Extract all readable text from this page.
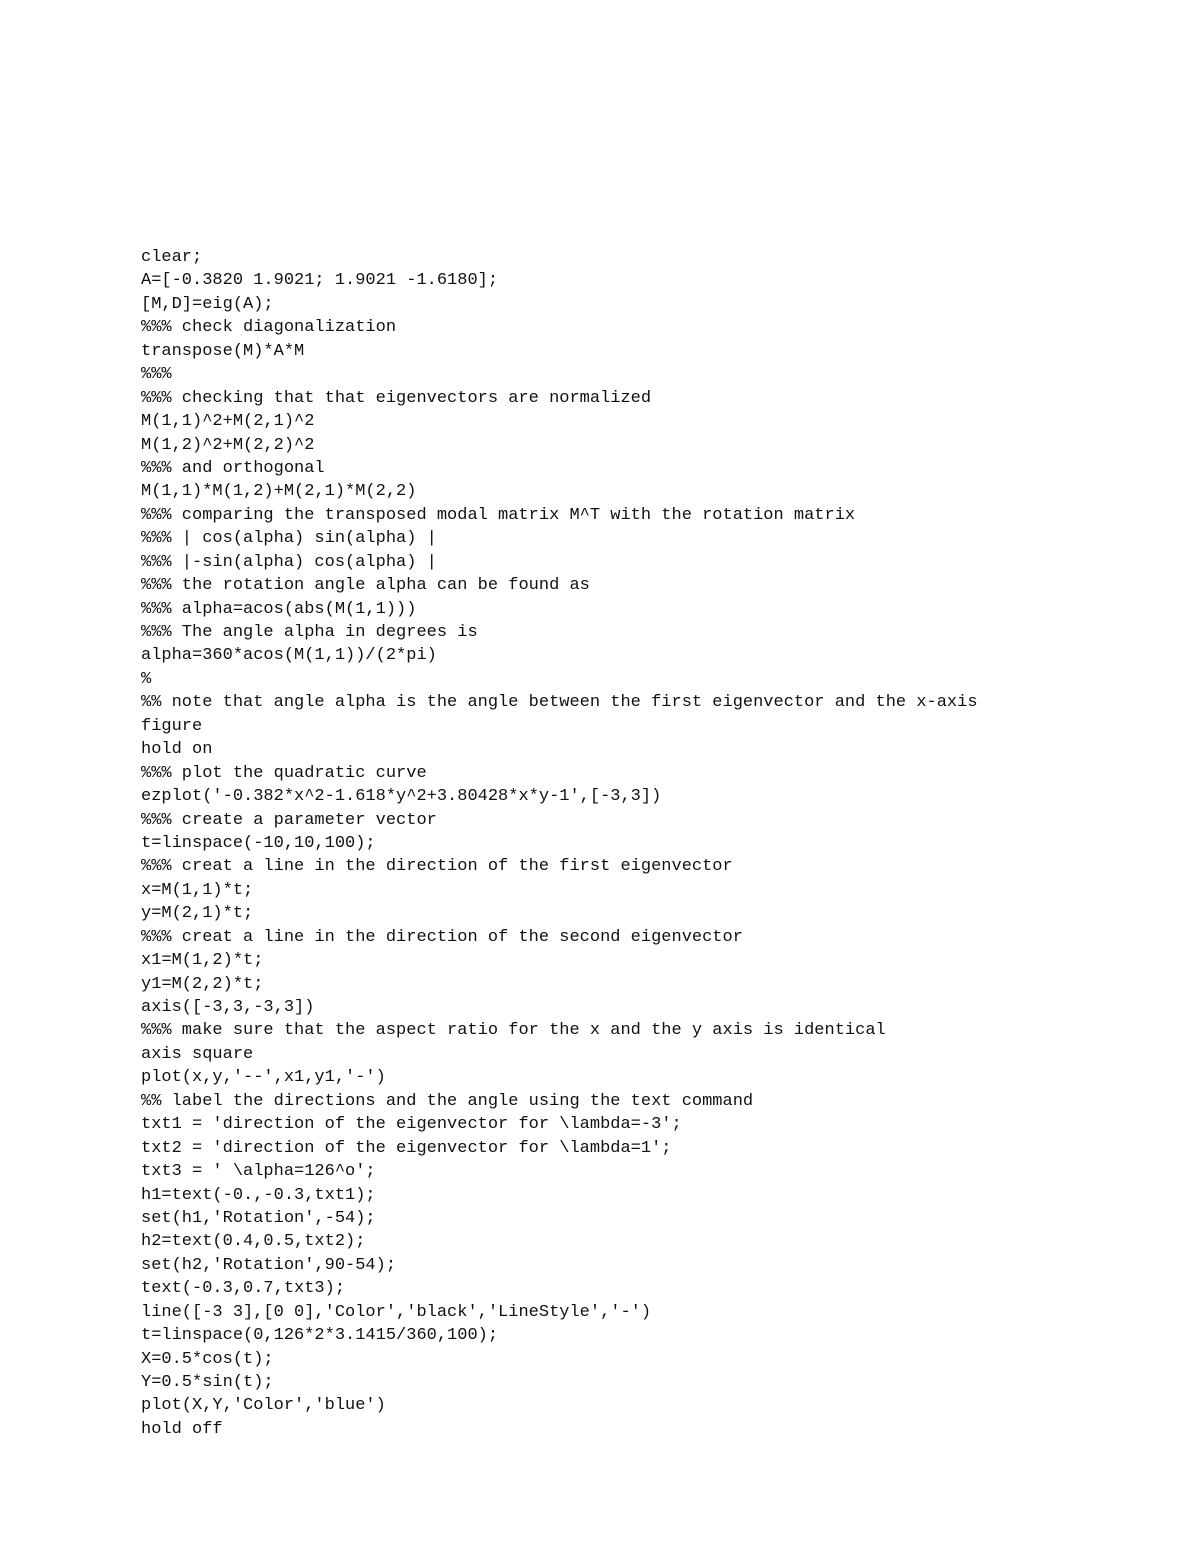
clear;
A=[-0.3820 1.9021; 1.9021 -1.6180];
[M,D]=eig(A);
%%% check diagonalization
transpose(M)*A*M
%%%
%%% checking that that eigenvectors are normalized
M(1,1)^2+M(2,1)^2
M(1,2)^2+M(2,2)^2
%%% and orthogonal
M(1,1)*M(1,2)+M(2,1)*M(2,2)
%%% comparing the transposed modal matrix M^T with the rotation matrix
%%% | cos(alpha) sin(alpha) |
%%% |-sin(alpha) cos(alpha) |
%%% the rotation angle alpha can be found as
%%% alpha=acos(abs(M(1,1)))
%%% The angle alpha in degrees is
alpha=360*acos(M(1,1))/(2*pi)
%
%% note that angle alpha is the angle between the first eigenvector and the x-axis
figure
hold on
%%% plot the quadratic curve
ezplot('-0.382*x^2-1.618*y^2+3.80428*x*y-1',[-3,3])
%%% create a parameter vector
t=linspace(-10,10,100);
%%% creat a line in the direction of the first eigenvector
x=M(1,1)*t;
y=M(2,1)*t;
%%% creat a line in the direction of the second eigenvector
x1=M(1,2)*t;
y1=M(2,2)*t;
axis([-3,3,-3,3])
%%% make sure that the aspect ratio for the x and the y axis is identical
axis square
plot(x,y,'--',x1,y1,'-')
%% label the directions and the angle using the text command
txt1 = 'direction of the eigenvector for \lambda=-3';
txt2 = 'direction of the eigenvector for \lambda=1';
txt3 = ' \alpha=126^o';
h1=text(-0.,-0.3,txt1);
set(h1,'Rotation',-54);
h2=text(0.4,0.5,txt2);
set(h2,'Rotation',90-54);
text(-0.3,0.7,txt3);
line([-3 3],[0 0],'Color','black','LineStyle','-')
t=linspace(0,126*2*3.1415/360,100);
X=0.5*cos(t);
Y=0.5*sin(t);
plot(X,Y,'Color','blue')
hold off
